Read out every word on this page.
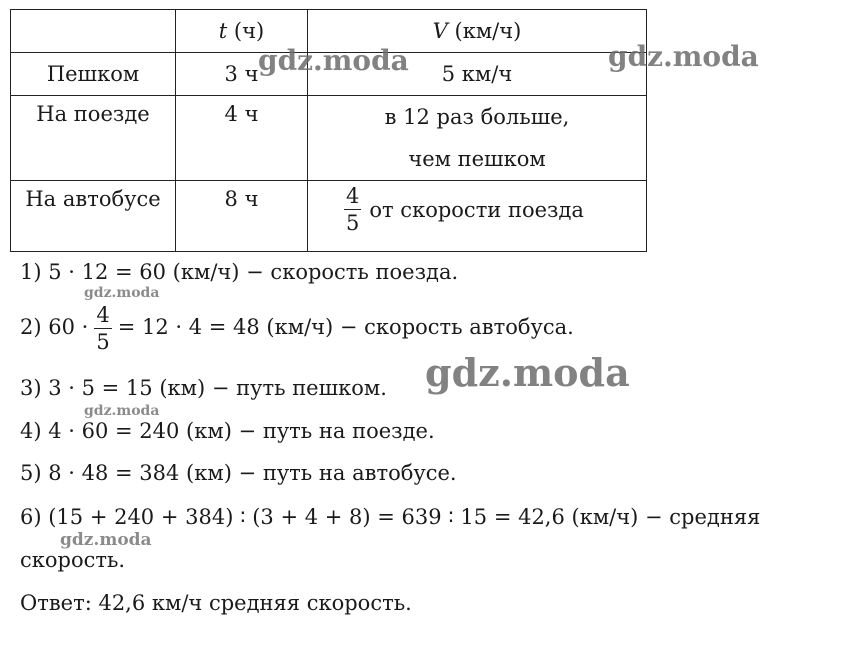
	t (ч)	V (км/ч)
Пешком	3 ч	5 км/ч

На поезде	4 ч	в 12 раз больше,
чем пешком

На автобусе	8 ч	$\frac{4}{5}$ от скорости поезда
1) 5 · 12 = 60 (км/ч) − скорость поезда.
2) $60 \cdot \frac{4}{5} = 12 \cdot 4 = 48$ (км/ч) − скорость автобуса.
3) 3 · 5 = 15 (км) − путь пешком.
4) 4 · 60 = 240 (км) − путь на поезде.
5) 8 · 48 = 384 (км) − путь на автобусе.
6) (15 + 240 + 384) ∶ (3 + 4 + 8) = 639 ∶ 15 = 42,6 (км/ч) − средняя
скорость.
Ответ: 42,6 км/ч средняя скорость.
gdz.moda	gdz.moda
gdz.moda
gdz.moda
gdz.moda
gdz.moda
